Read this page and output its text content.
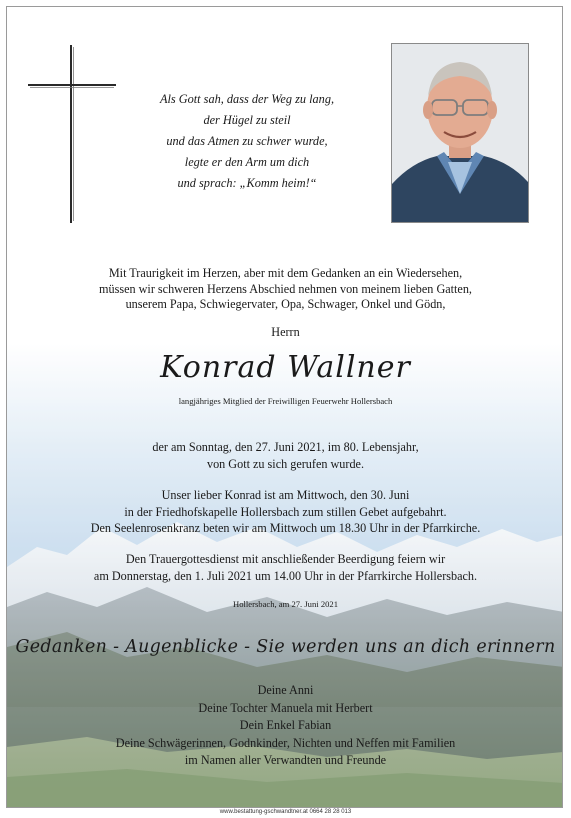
Als Gott sah, dass der Weg zu lang,
der Hügel zu steil
und das Atmen zu schwer wurde,
legte er den Arm um dich
und sprach: „Komm heim!“
Mit Traurigkeit im Herzen, aber mit dem Gedanken an ein Wiedersehen,
müssen wir schweren Herzens Abschied nehmen von meinem lieben Gatten,
unserem Papa, Schwiegervater, Opa, Schwager, Onkel und Gödn,
Herrn
Konrad Wallner
langjähriges Mitglied der Freiwilligen Feuerwehr Hollersbach
der am Sonntag, den 27. Juni 2021, im 80. Lebensjahr,
von Gott zu sich gerufen wurde.
Unser lieber Konrad ist am Mittwoch, den 30. Juni
in der Friedhofskapelle Hollersbach zum stillen Gebet aufgebahrt.
Den Seelenrosenkranz beten wir am Mittwoch um 18.30 Uhr in der Pfarrkirche.
Den Trauergottesdienst mit anschließender Beerdigung feiern wir
am Donnerstag, den 1. Juli 2021 um 14.00 Uhr in der Pfarrkirche Hollersbach.
Hollersbach, am 27. Juni 2021
Gedanken - Augenblicke - Sie werden uns an dich erinnern
Deine Anni
Deine Tochter Manuela mit Herbert
Dein Enkel Fabian
Deine Schwägerinnen, Godnkinder, Nichten und Neffen mit Familien
im Namen aller Verwandten und Freunde
www.bestattung-gschwandtner.at 0664 28 28 013
